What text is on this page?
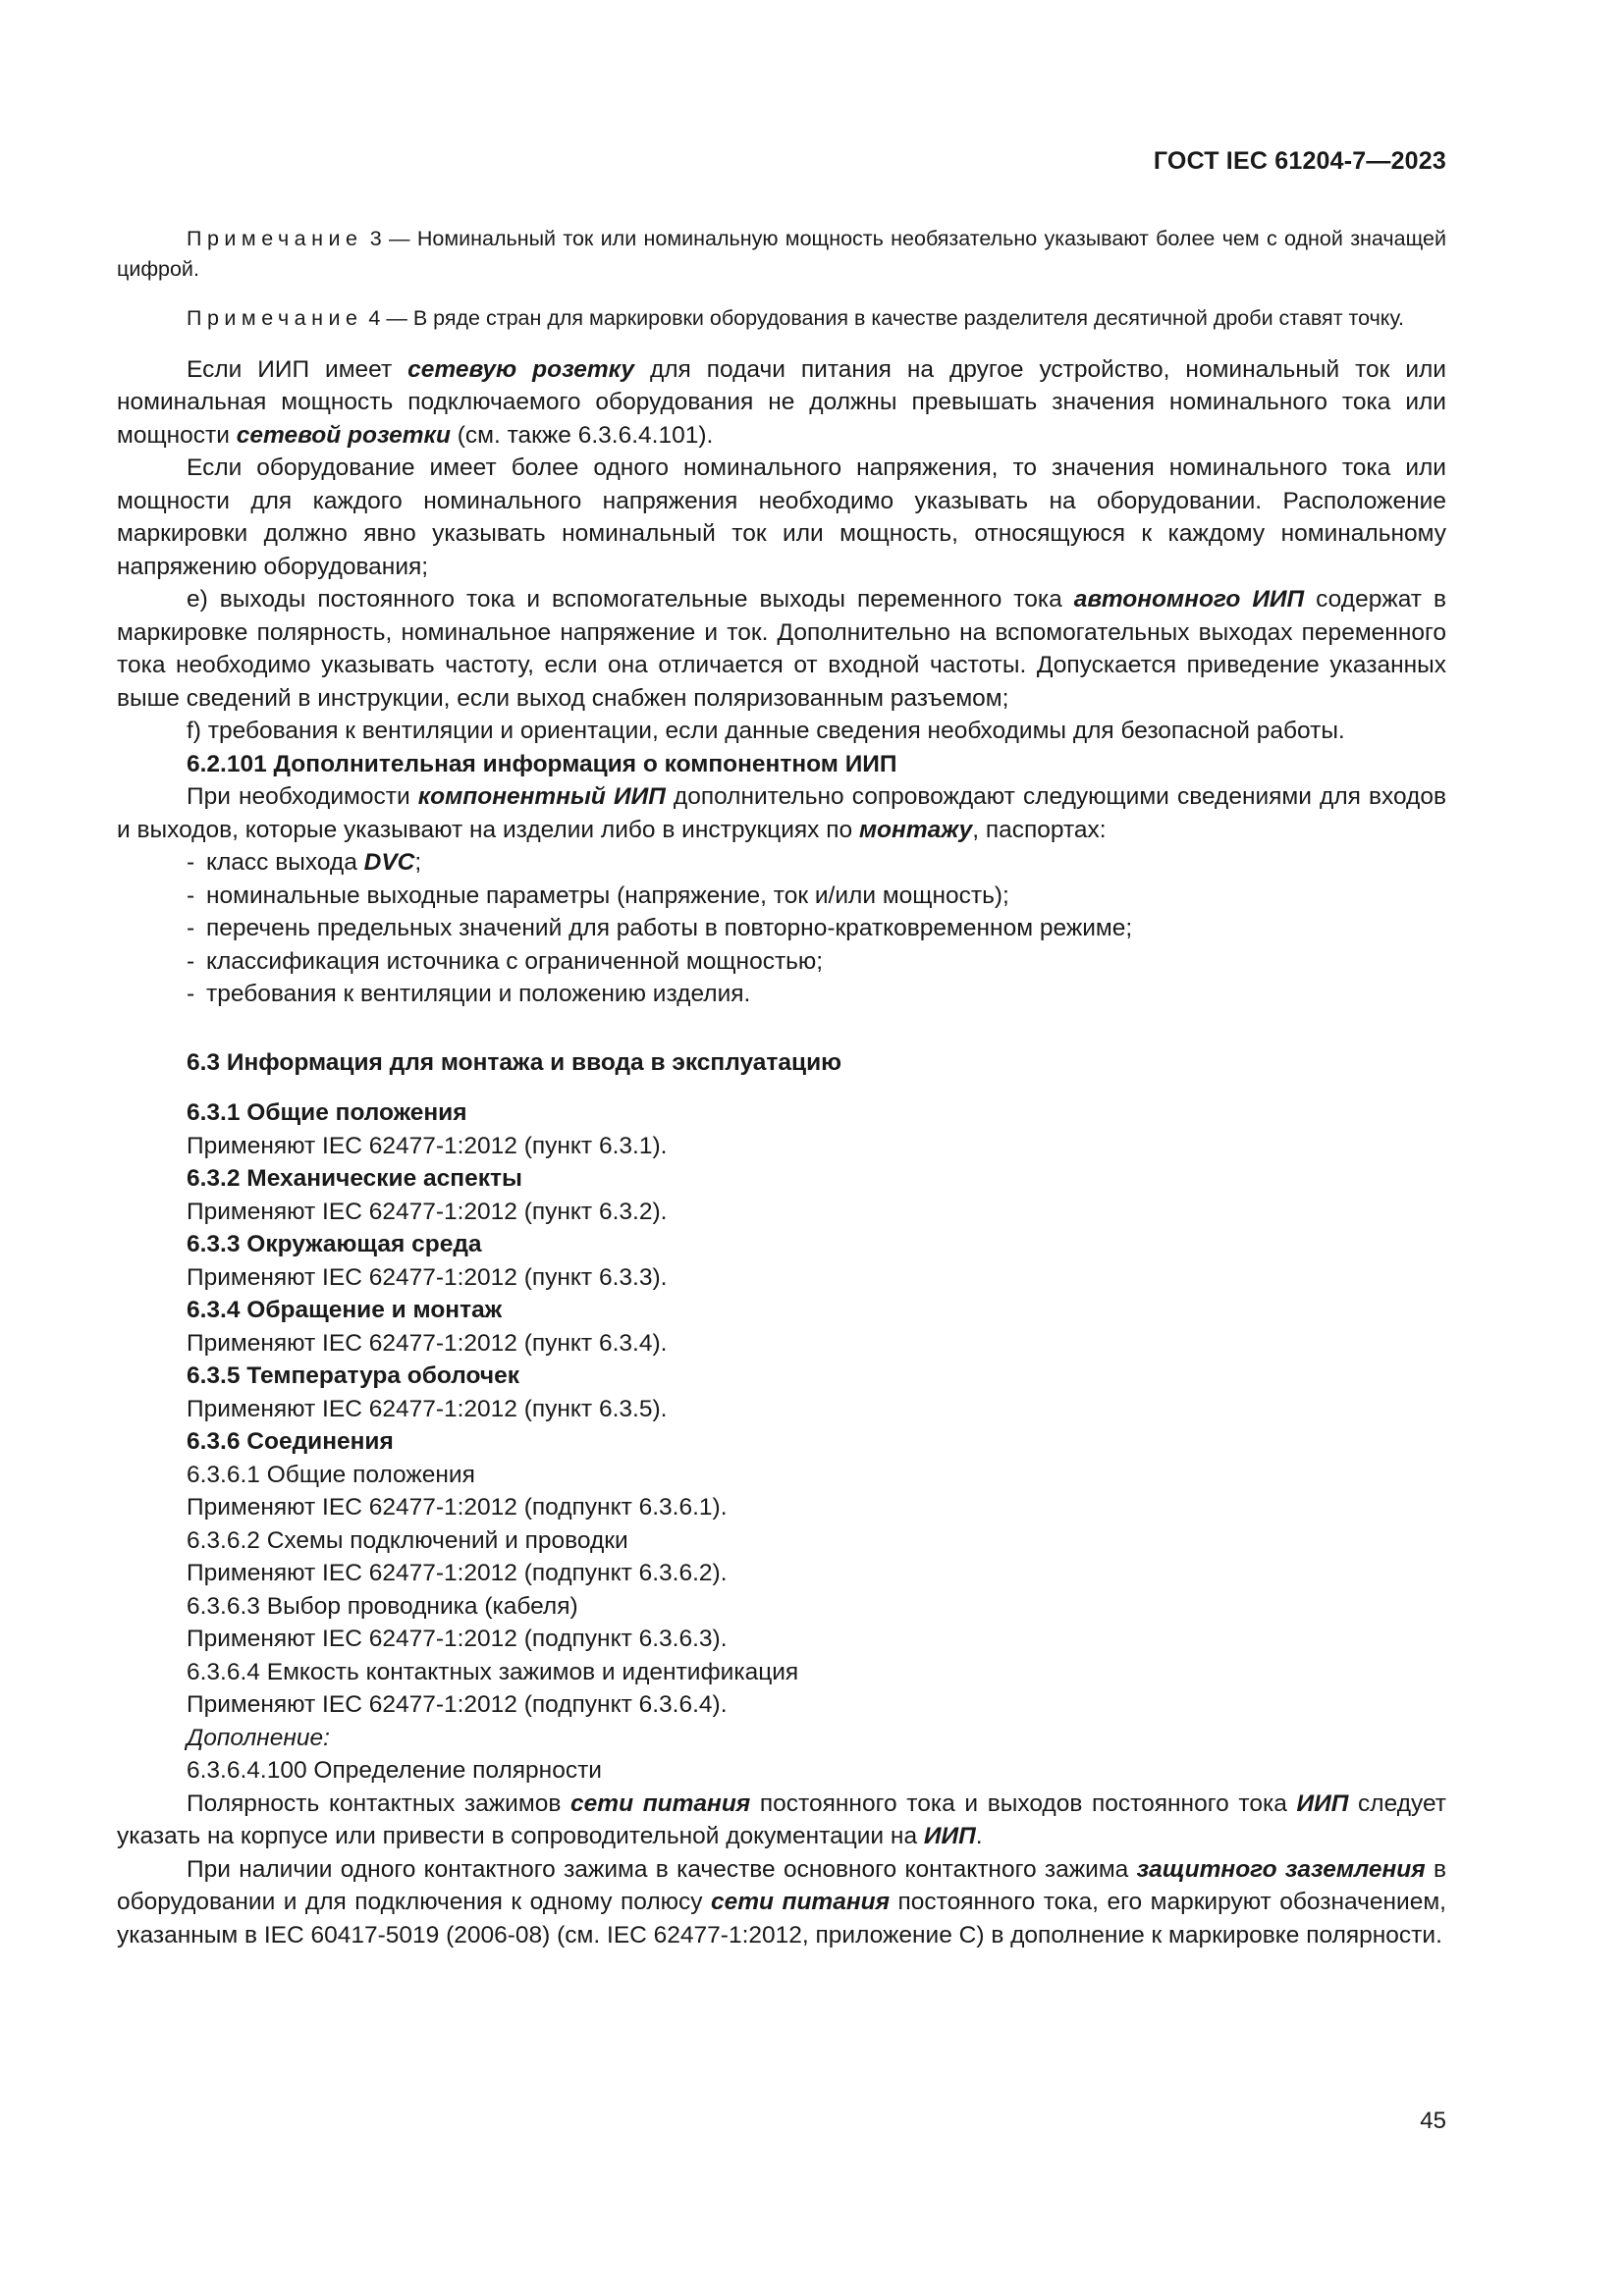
ГОСТ IEC 61204-7—2023

Примечание 3 — Номинальный ток или номинальную мощность необязательно указывают более чем с одной значащей цифрой.

Примечание 4 — В ряде стран для маркировки оборудования в качестве разделителя десятичной дроби ставят точку.

Если ИИП имеет сетевую розетку для подачи питания на другое устройство, номинальный ток или номинальная мощность подключаемого оборудования не должны превышать значения номинального тока или мощности сетевой розетки (см. также 6.3.6.4.101).

Если оборудование имеет более одного номинального напряжения, то значения номинального тока или мощности для каждого номинального напряжения необходимо указывать на оборудовании. Расположение маркировки должно явно указывать номинальный ток или мощность, относящуюся к каждому номинальному напряжению оборудования;

е) выходы постоянного тока и вспомогательные выходы переменного тока автономного ИИП содержат в маркировке полярность, номинальное напряжение и ток. Дополнительно на вспомогательных выходах переменного тока необходимо указывать частоту, если она отличается от входной частоты. Допускается приведение указанных выше сведений в инструкции, если выход снабжен поляризованным разъемом;

f) требования к вентиляции и ориентации, если данные сведения необходимы для безопасной работы.

6.2.101 Дополнительная информация о компонентном ИИП

При необходимости компонентный ИИП дополнительно сопровождают следующими сведениями для входов и выходов, которые указывают на изделии либо в инструкциях по монтажу, паспортах:

- класс выхода DVC;

- номинальные выходные параметры (напряжение, ток и/или мощность);

- перечень предельных значений для работы в повторно-кратковременном режиме;

- классификация источника с ограниченной мощностью;

- требования к вентиляции и положению изделия.

6.3 Информация для монтажа и ввода в эксплуатацию
6.3.1 Общие положения

Применяют IEC 62477-1:2012 (пункт 6.3.1).

6.3.2 Механические аспекты

Применяют IEC 62477-1:2012 (пункт 6.3.2).

6.3.3 Окружающая среда

Применяют IEC 62477-1:2012 (пункт 6.3.3).

6.3.4 Обращение и монтаж

Применяют IEC 62477-1:2012 (пункт 6.3.4).

6.3.5 Температура оболочек

Применяют IEC 62477-1:2012 (пункт 6.3.5).

6.3.6 Соединения

6.3.6.1 Общие положения

Применяют IEC 62477-1:2012 (подпункт 6.3.6.1).

6.3.6.2 Схемы подключений и проводки

Применяют IEC 62477-1:2012 (подпункт 6.3.6.2).

6.3.6.3 Выбор проводника (кабеля)

Применяют IEC 62477-1:2012 (подпункт 6.3.6.3).

6.3.6.4 Емкость контактных зажимов и идентификация

Применяют IEC 62477-1:2012 (подпункт 6.3.6.4).

Дополнение:

6.3.6.4.100 Определение полярности

Полярность контактных зажимов сети питания постоянного тока и выходов постоянного тока ИИП следует указать на корпусе или привести в сопроводительной документации на ИИП.

При наличии одного контактного зажима в качестве основного контактного зажима защитного заземления в оборудовании и для подключения к одному полюсу сети питания постоянного тока, его маркируют обозначением, указанным в IEC 60417-5019 (2006-08) (см. IEC 62477-1:2012, приложение С) в дополнение к маркировке полярности.

45
